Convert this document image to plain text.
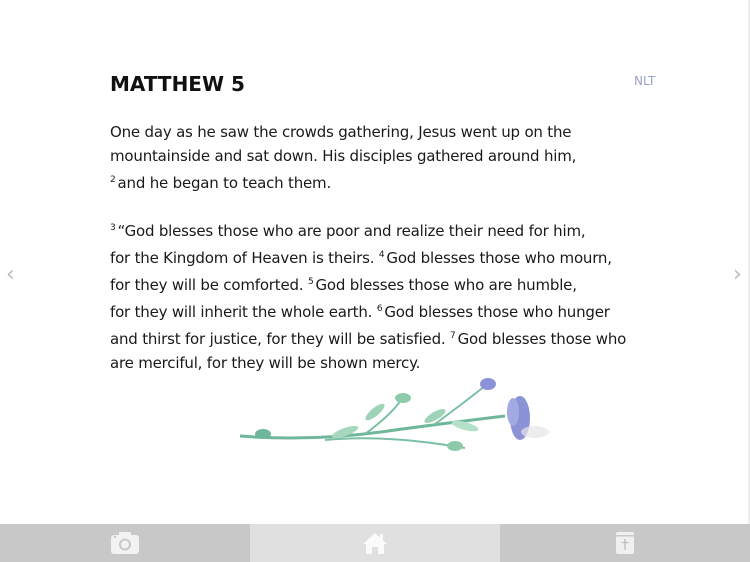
MATTHEW 5	NLT
One day as he saw the crowds gathering, Jesus went up on the
mountainside and sat down. His disciples gathered around him,
$^2$ and he began to teach them.
$^3$ “God blesses those who are poor and realize their need for him,
for the Kingdom of Heaven is theirs. $^4$ God blesses those who mourn,
for they will be comforted. $^5$ God blesses those who are humble,
for they will inherit the whole earth. $^6$ God blesses those who hunger
and thirst for justice, for they will be satisfied. $^7$ God blesses those who
are merciful, for they will be shown mercy.
‹	›
